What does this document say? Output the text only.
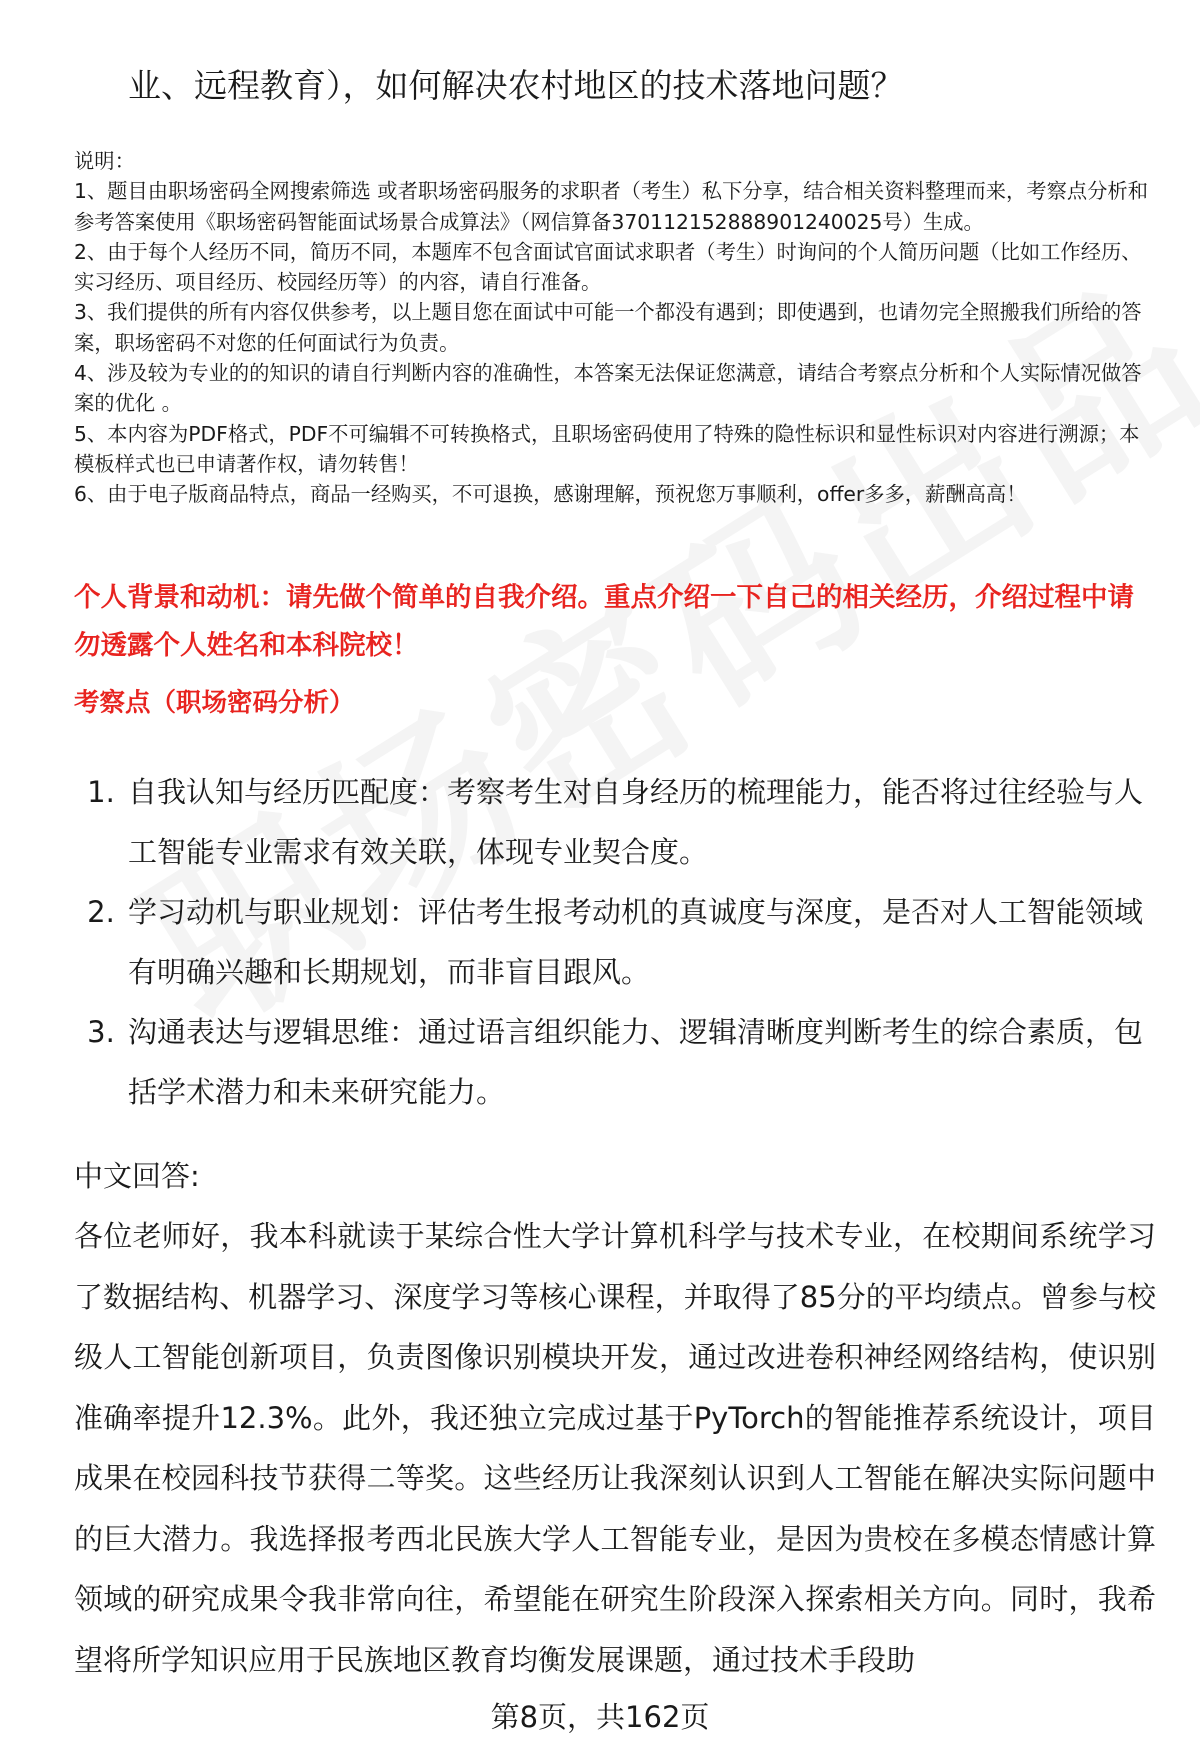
业、远程教育），如何解决农村地区的技术落地问题？

说明：

1、题目由职场密码全网搜索筛选 或者职场密码服务的求职者（考生）私下分享，结合相关资料整理而来，考察点分析和参考答案使用《职场密码智能面试场景合成算法》（网信算备370112152888901240025号）生成。

2、由于每个人经历不同，简历不同，本题库不包含面试官面试求职者（考生）时询问的个人简历问题（比如工作经历、实习经历、项目经历、校园经历等）的内容，请自行准备。

3、我们提供的所有内容仅供参考，以上题目您在面试中可能一个都没有遇到；即使遇到，也请勿完全照搬我们所给的答案，职场密码不对您的任何面试行为负责。

4、涉及较为专业的的知识的请自行判断内容的准确性，本答案无法保证您满意，请结合考察点分析和个人实际情况做答案的优化 。

5、本内容为PDF格式，PDF不可编辑不可转换格式，且职场密码使用了特殊的隐性标识和显性标识对内容进行溯源；本模板样式也已申请著作权，请勿转售！

6、由于电子版商品特点，商品一经购买，不可退换，感谢理解，预祝您万事顺利，offer多多，薪酬高高！

个人背景和动机：请先做个简单的自我介绍。重点介绍一下自己的相关经历，介绍过程中请勿透露个人姓名和本科院校！
考察点（职场密码分析）
1. 自我认知与经历匹配度：考察考生对自身经历的梳理能力，能否将过往经验与人工智能专业需求有效关联，体现专业契合度。
2. 学习动机与职业规划：评估考生报考动机的真诚度与深度，是否对人工智能领域有明确兴趣和长期规划，而非盲目跟风。
3. 沟通表达与逻辑思维：通过语言组织能力、逻辑清晰度判断考生的综合素质，包括学术潜力和未来研究能力。
中文回答:
各位老师好，我本科就读于某综合性大学计算机科学与技术专业，在校期间系统学习了数据结构、机器学习、深度学习等核心课程，并取得了85分的平均绩点。曾参与校级人工智能创新项目，负责图像识别模块开发，通过改进卷积神经网络结构，使识别准确率提升12.3%。此外，我还独立完成过基于PyTorch的智能推荐系统设计，项目成果在校园科技节获得二等奖。这些经历让我深刻认识到人工智能在解决实际问题中的巨大潜力。我选择报考西北民族大学人工智能专业，是因为贵校在多模态情感计算领域的研究成果令我非常向往，希望能在研究生阶段深入探索相关方向。同时，我希望将所学知识应用于民族地区教育均衡发展课题，通过技术手段助
第8页，共162页
